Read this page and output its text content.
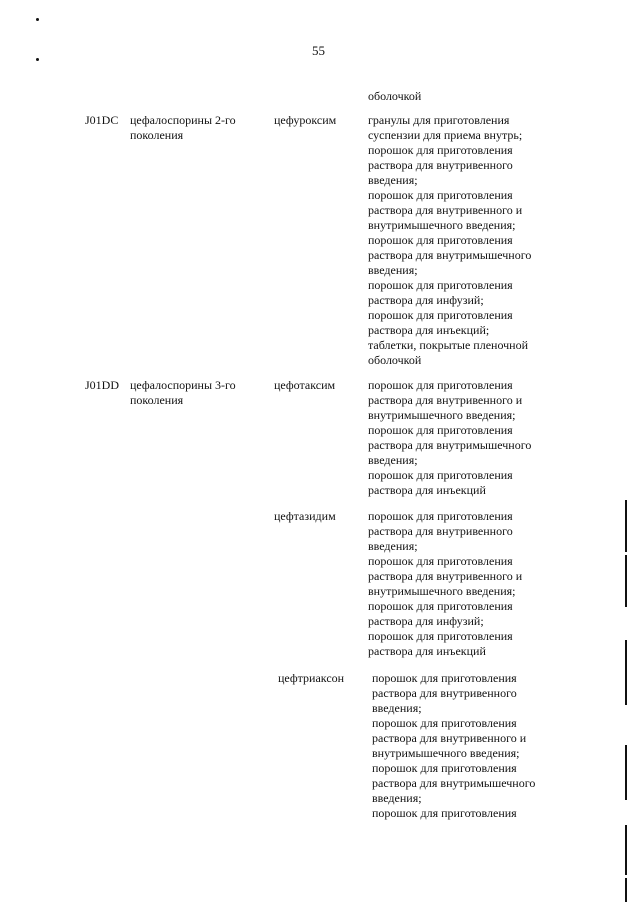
55
оболочкой
J01DC цефалоспорины 2-го
поколения
цефуроксим	гранулы для приготовления
суспензии для приема внутрь;
порошок для приготовления
раствора для внутривенного
введения;
порошок для приготовления
раствора для внутривенного и
внутримышечного введения;
порошок для приготовления
раствора для внутримышечного
введения;
порошок для приготовления
раствора для инфузий;
порошок для приготовления
раствора для инъекций;
таблетки, покрытые пленочной
оболочкой
J01DD цефалоспорины 3-го
поколения
цефотаксим	порошок для приготовления
раствора для внутривенного и
внутримышечного введения;
порошок для приготовления
раствора для внутримышечного
введения;
порошок для приготовления
раствора для инъекций
цефтазидим	порошок для приготовления
раствора для внутривенного
введения;
порошок для приготовления
раствора для внутривенного и
внутримышечного введения;
порошок для приготовления
раствора для инфузий;
порошок для приготовления
раствора для инъекций
цефтриаксон порошок для приготовления
раствора для внутривенного
введения;
порошок для приготовления
раствора для внутривенного и
внутримышечного введения;
порошок для приготовления
раствора для внутримышечного
введения;
порошок для приготовления
